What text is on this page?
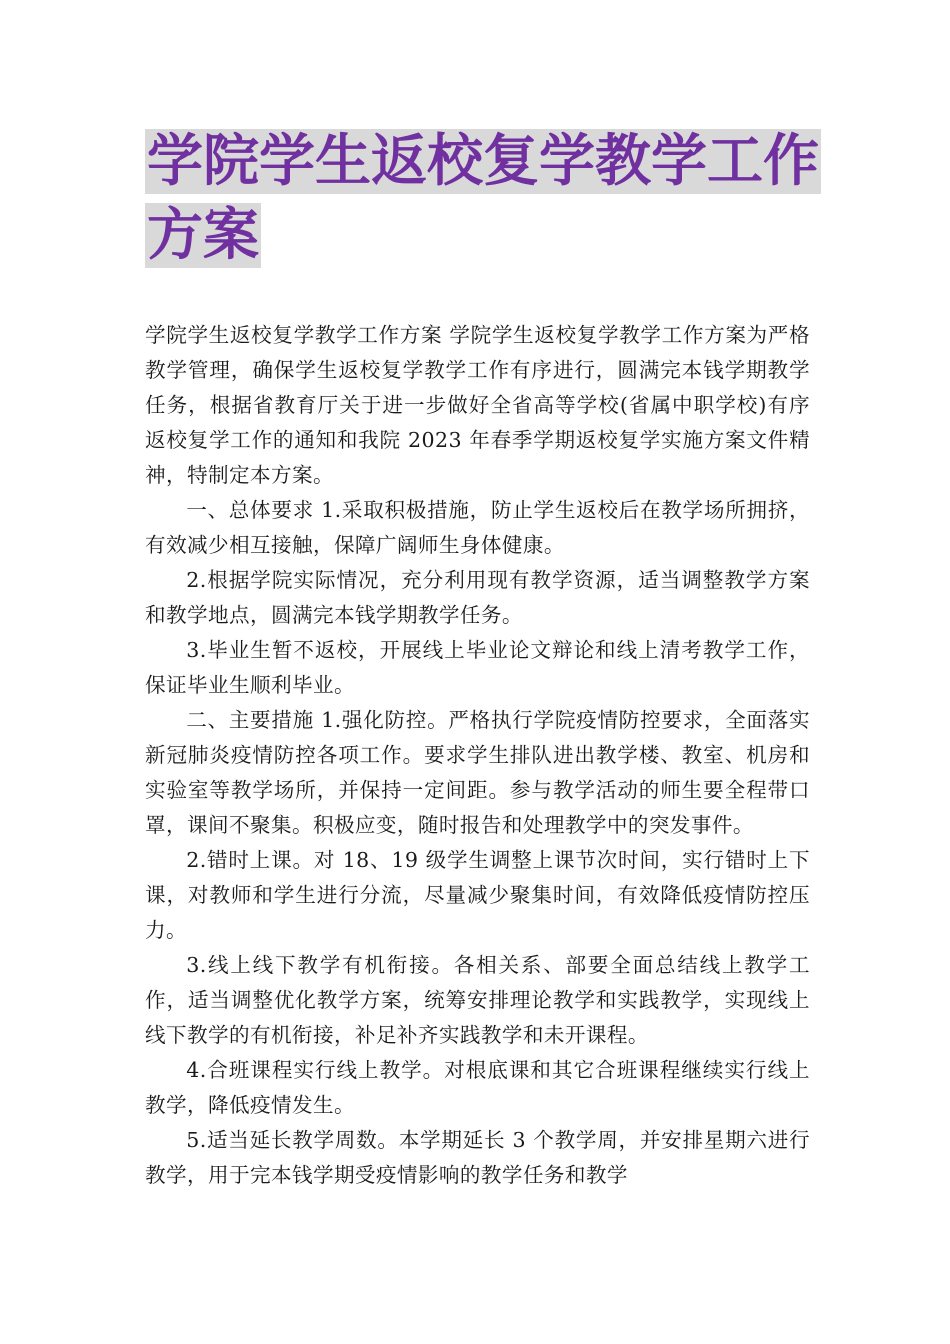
学院学生返校复学教学工作方案

学院学生返校复学教学工作方案 学院学生返校复学教学工作方案为严格教学管理，确保学生返校复学教学工作有序进行，圆满完本钱学期教学任务，根据省教育厅关于进一步做好全省高等学校(省属中职学校)有序返校复学工作的通知和我院 2023 年春季学期返校复学实施方案文件精神，特制定本方案。

一、总体要求 1.采取积极措施，防止学生返校后在教学场所拥挤，有效减少相互接触，保障广阔师生身体健康。

2.根据学院实际情况，充分利用现有教学资源，适当调整教学方案和教学地点，圆满完本钱学期教学任务。

3.毕业生暂不返校，开展线上毕业论文辩论和线上清考教学工作，保证毕业生顺利毕业。

二、主要措施 1.强化防控。严格执行学院疫情防控要求，全面落实新冠肺炎疫情防控各项工作。要求学生排队进出教学楼、教室、机房和实验室等教学场所，并保持一定间距。参与教学活动的师生要全程带口罩，课间不聚集。积极应变，随时报告和处理教学中的突发事件。

2.错时上课。对 18、19 级学生调整上课节次时间，实行错时上下课，对教师和学生进行分流，尽量减少聚集时间，有效降低疫情防控压力。

3.线上线下教学有机衔接。各相关系、部要全面总结线上教学工作，适当调整优化教学方案，统筹安排理论教学和实践教学，实现线上线下教学的有机衔接，补足补齐实践教学和未开课程。

4.合班课程实行线上教学。对根底课和其它合班课程继续实行线上教学，降低疫情发生。

5.适当延长教学周数。本学期延长 3 个教学周，并安排星期六进行教学，用于完本钱学期受疫情影响的教学任务和教学
